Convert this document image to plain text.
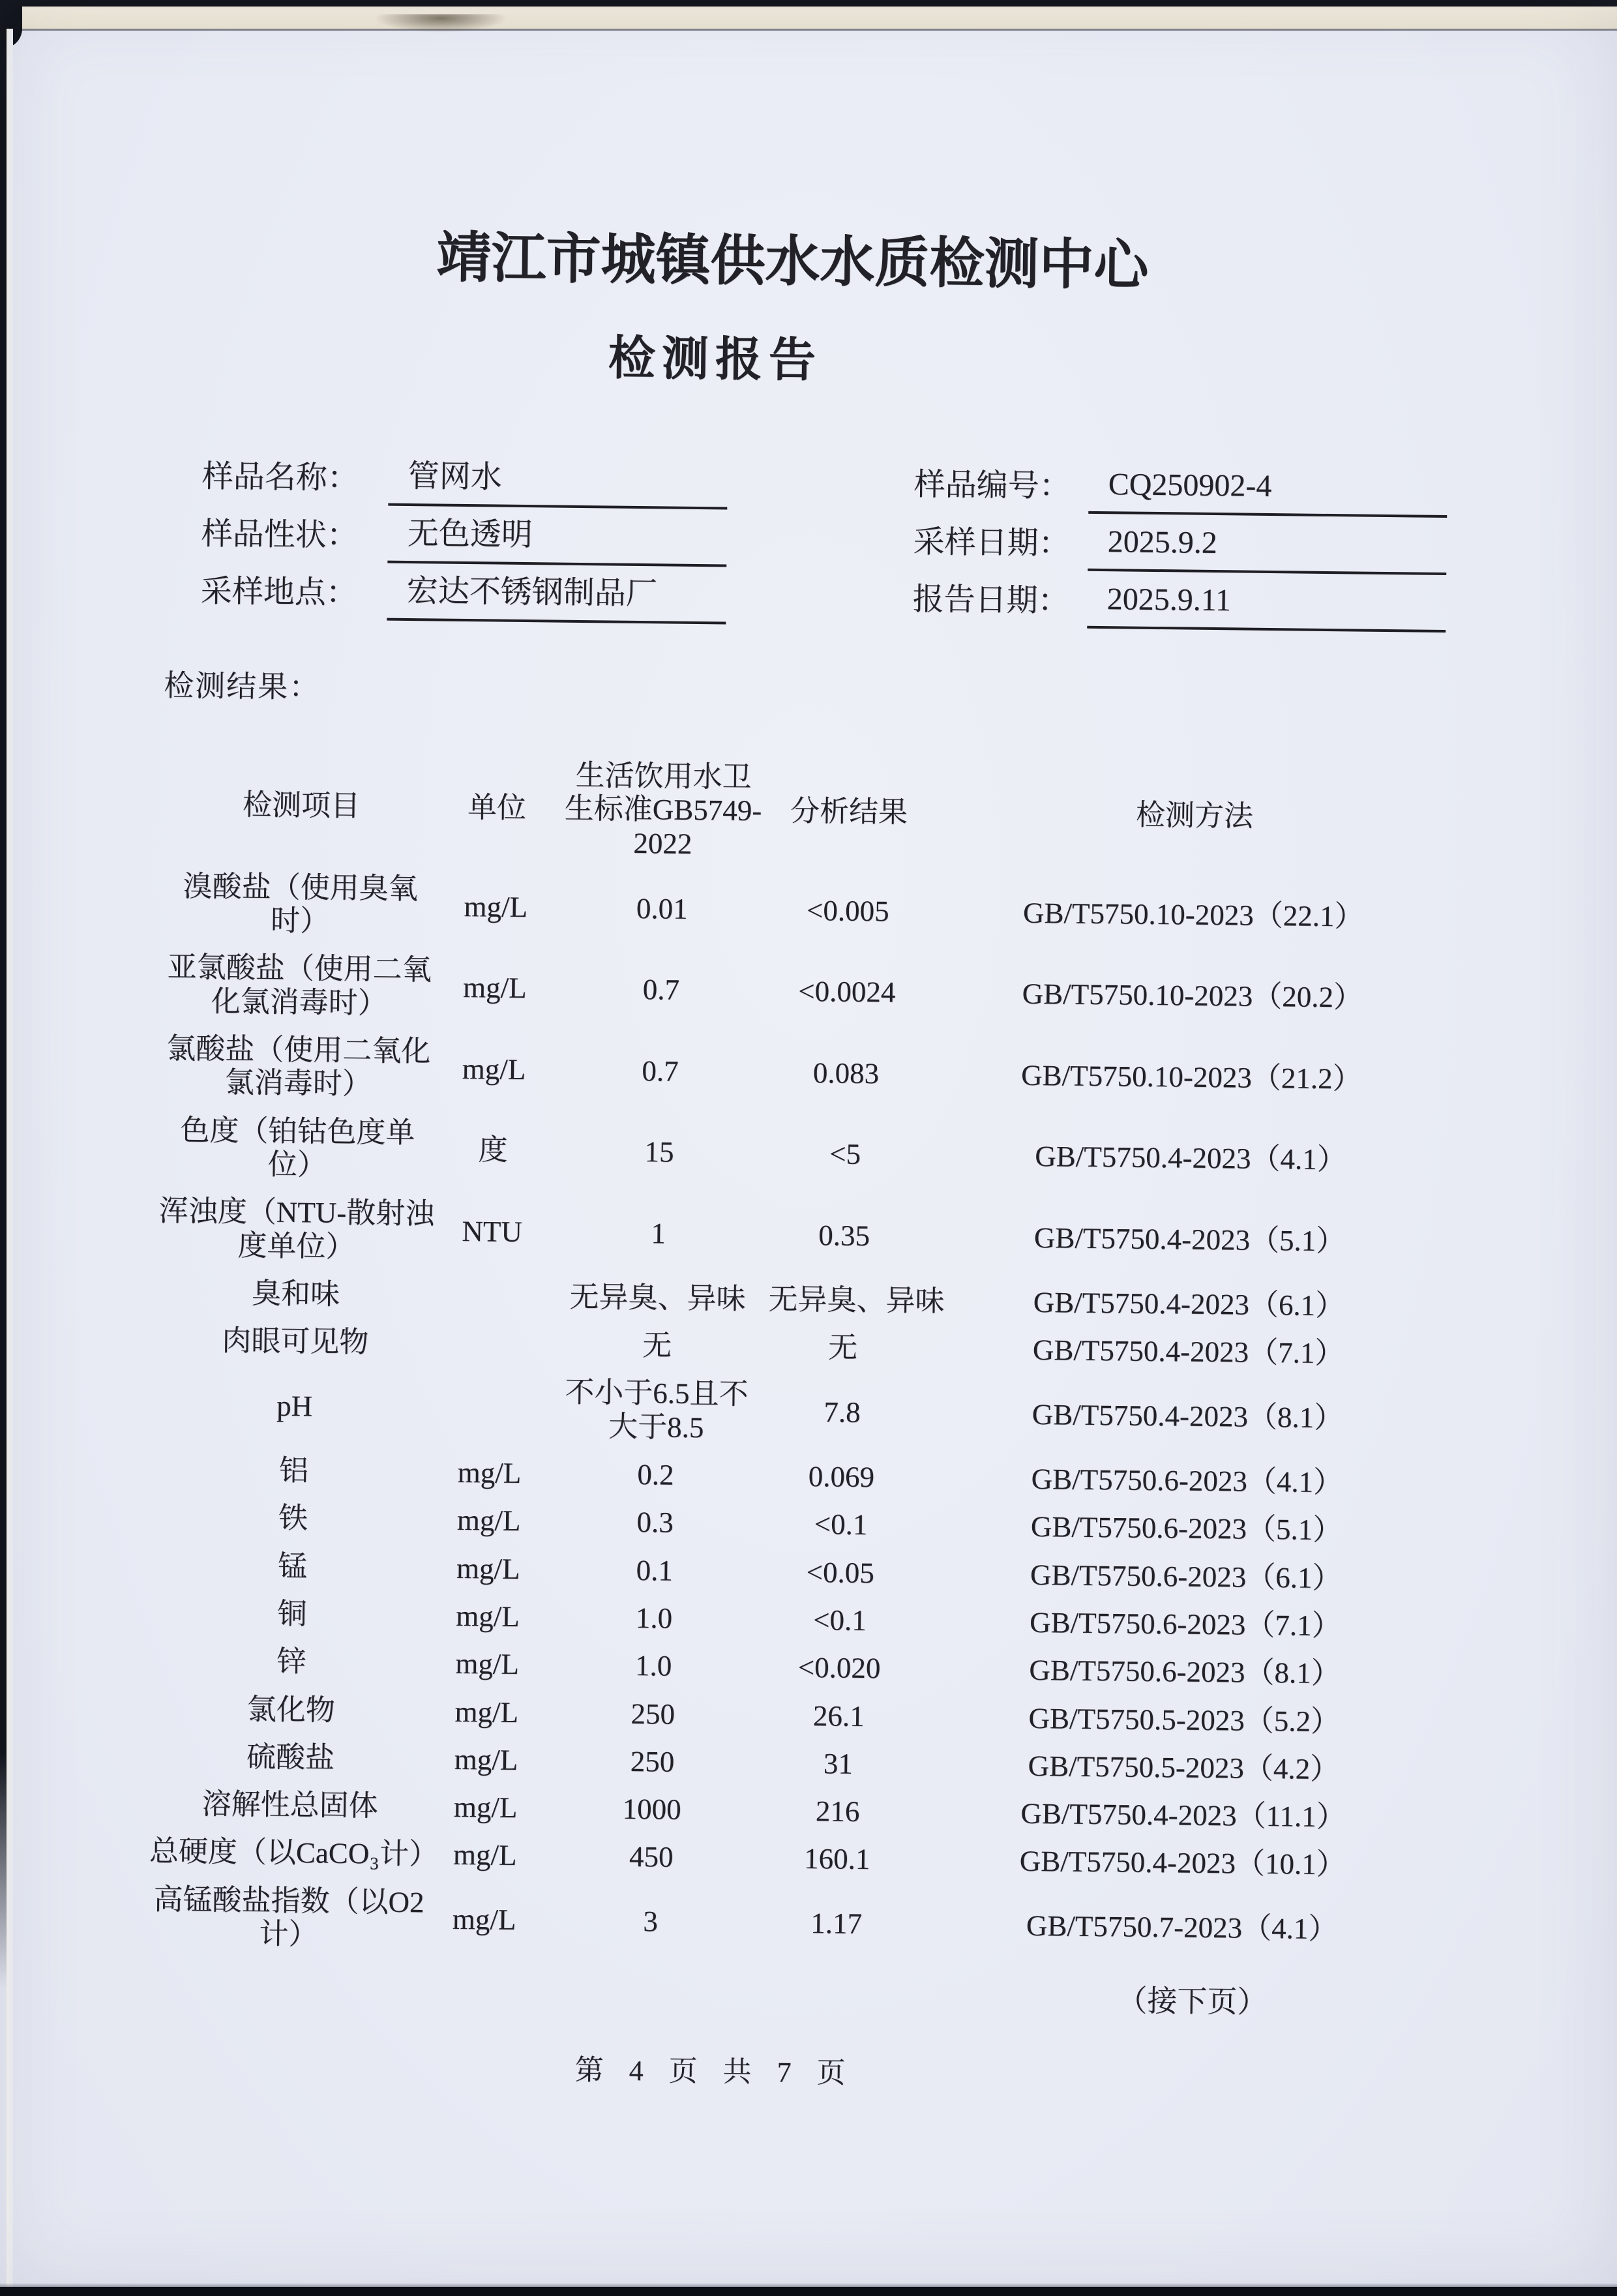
靖江市城镇供水水质检测中心
检测报告
样品名称：	管网水
样品性状：	无色透明
采样地点：	宏达不锈钢制品厂
样品编号：	CQ250902-4
采样日期：	2025.9.2
报告日期：	2025.9.11
检测结果：
检测项目	单位	生活饮用水卫
生标准GB5749-
2022	分析结果	检测方法
溴酸盐（使用臭氧
时）	mg/L	0.01	<0.005	GB/T5750.10-2023（22.1）
亚氯酸盐（使用二氧
化氯消毒时）	mg/L	0.7	<0.0024	GB/T5750.10-2023（20.2）
氯酸盐（使用二氧化
氯消毒时）	mg/L	0.7	0.083	GB/T5750.10-2023（21.2）
色度（铂钴色度单
位）	度	15	<5	GB/T5750.4-2023（4.1）
浑浊度（NTU-散射浊
度单位）	NTU	1	0.35	GB/T5750.4-2023（5.1）
臭和味		无异臭、异味	无异臭、异味	GB/T5750.4-2023（6.1）
肉眼可见物		无	无	GB/T5750.4-2023（7.1）
pH		不小于6.5且不
大于8.5	7.8	GB/T5750.4-2023（8.1）
铝	mg/L	0.2	0.069	GB/T5750.6-2023（4.1）
铁	mg/L	0.3	<0.1	GB/T5750.6-2023（5.1）
锰	mg/L	0.1	<0.05	GB/T5750.6-2023（6.1）
铜	mg/L	1.0	<0.1	GB/T5750.6-2023（7.1）
锌	mg/L	1.0	<0.020	GB/T5750.6-2023（8.1）
氯化物	mg/L	250	26.1	GB/T5750.5-2023（5.2）
硫酸盐	mg/L	250	31	GB/T5750.5-2023（4.2）
溶解性总固体	mg/L	1000	216	GB/T5750.4-2023（11.1）
总硬度（以CaCO₃计）	mg/L	450	160.1	GB/T5750.4-2023（10.1）
高锰酸盐指数（以O2
计）	mg/L	3	1.17	GB/T5750.7-2023（4.1）
（接下页）
第 4 页 共 7 页
